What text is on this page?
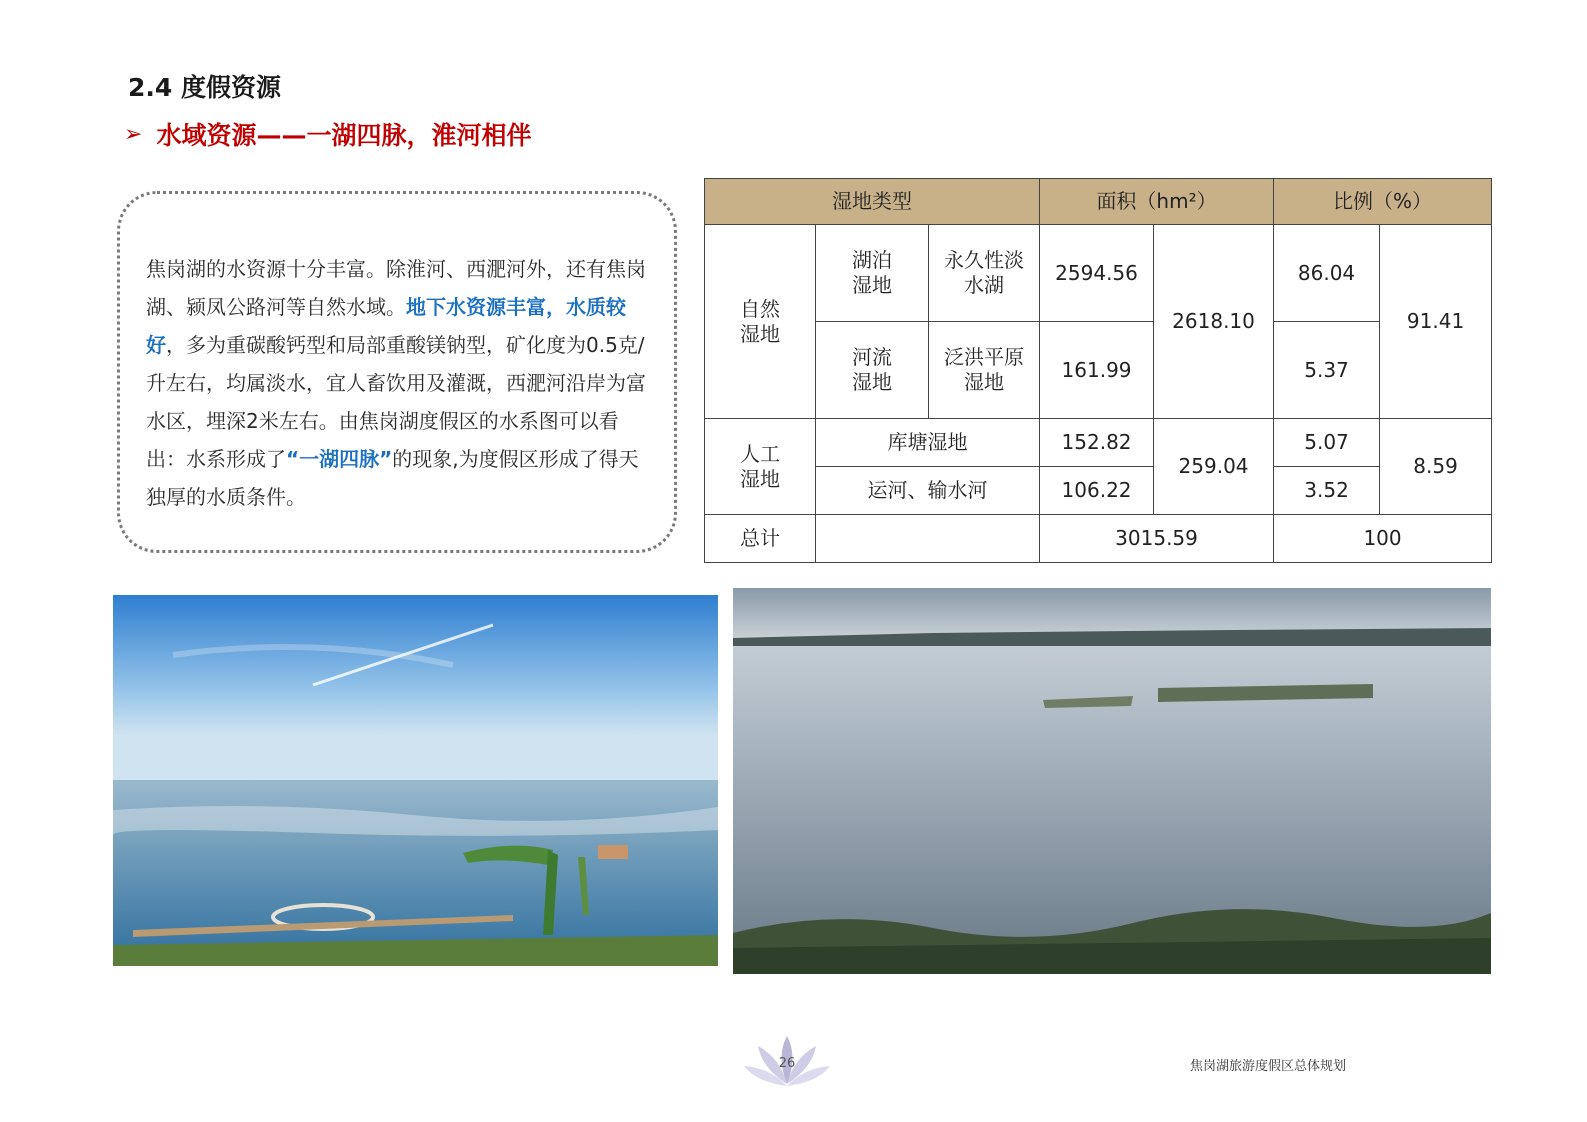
2.4 度假资源
➢ 水域资源——一湖四脉，淮河相伴

焦岗湖的水资源十分丰富。除淮河、西淝河外，还有焦岗湖、颍凤公路河等自然水域。地下水资源丰富，水质较好，多为重碳酸钙型和局部重酸镁钠型，矿化度为0.5克/升左右，均属淡水，宜人畜饮用及灌溉，西淝河沿岸为富水区，埋深2米左右。由焦岗湖度假区的水系图可以看出：水系形成了“一湖四脉”的现象,为度假区形成了得天独厚的水质条件。

湿地类型			面积（hm²）		比例（%）	
自然湿地	湖泊湿地	永久性淡水湖	2594.56	2618.10	86.04	91.41
	河流湿地	泛洪平原湿地	161.99		5.37	
人工湿地	库塘湿地		152.82	259.04	5.07	8.59
	运河、输水河		106.22		3.52	
总计			3015.59		100	
26	焦岗湖旅游度假区总体规划
